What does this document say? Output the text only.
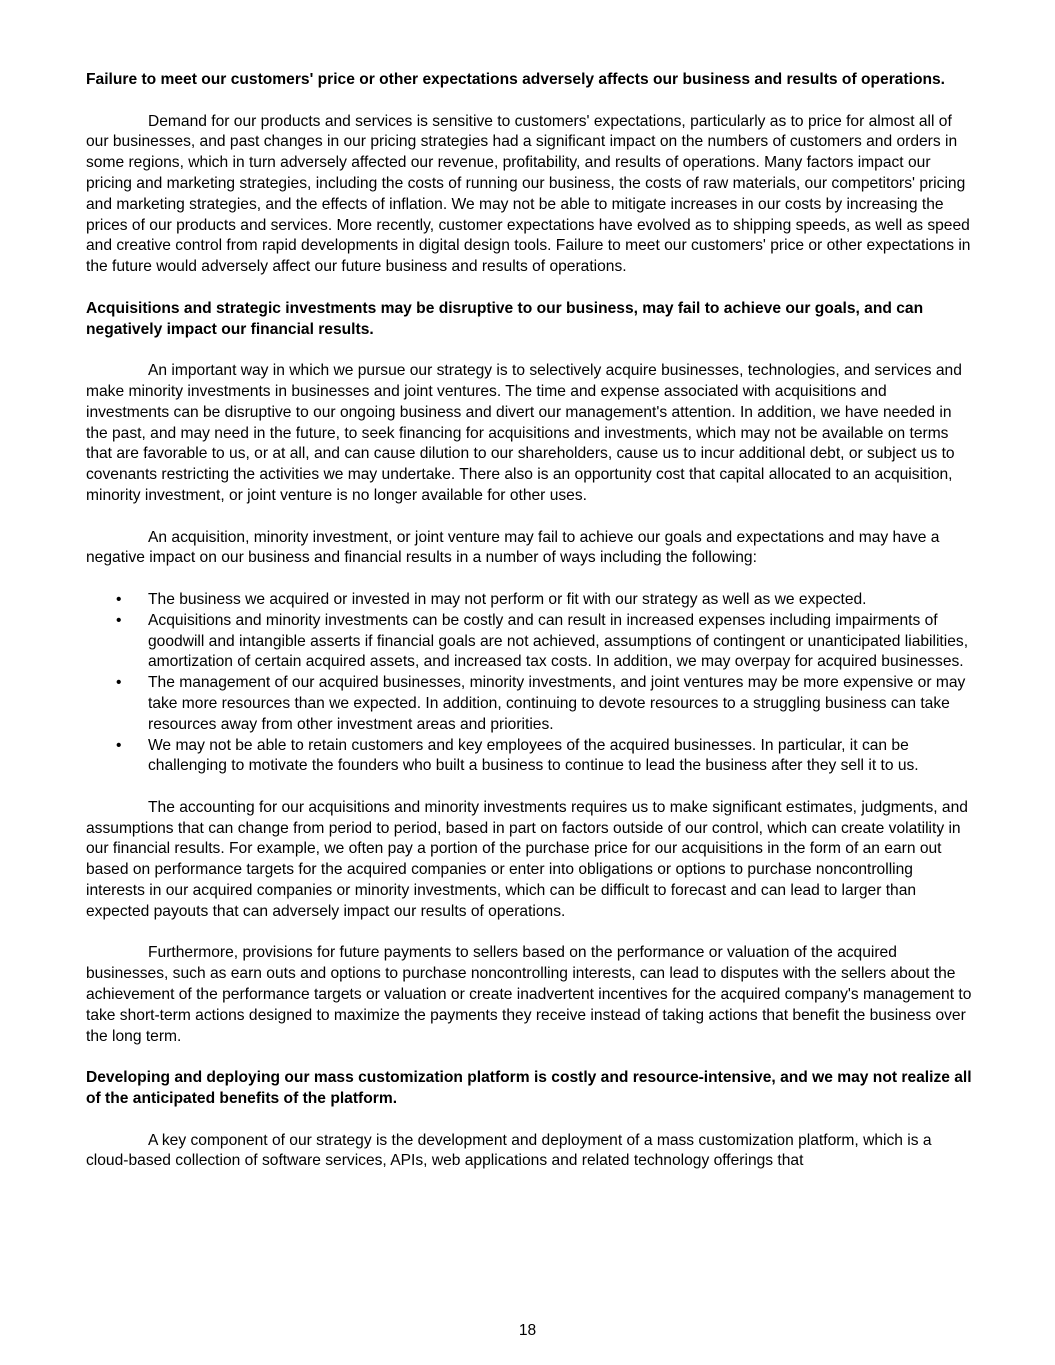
Failure to meet our customers' price or other expectations adversely affects our business and results of operations.

Demand for our products and services is sensitive to customers' expectations, particularly as to price for almost all of our businesses, and past changes in our pricing strategies had a significant impact on the numbers of customers and orders in some regions, which in turn adversely affected our revenue, profitability, and results of operations. Many factors impact our pricing and marketing strategies, including the costs of running our business, the costs of raw materials, our competitors' pricing and marketing strategies, and the effects of inflation. We may not be able to mitigate increases in our costs by increasing the prices of our products and services. More recently, customer expectations have evolved as to shipping speeds, as well as speed and creative control from rapid developments in digital design tools. Failure to meet our customers' price or other expectations in the future would adversely affect our future business and results of operations.

Acquisitions and strategic investments may be disruptive to our business, may fail to achieve our goals, and can negatively impact our financial results.

An important way in which we pursue our strategy is to selectively acquire businesses, technologies, and services and make minority investments in businesses and joint ventures. The time and expense associated with acquisitions and investments can be disruptive to our ongoing business and divert our management's attention. In addition, we have needed in the past, and may need in the future, to seek financing for acquisitions and investments, which may not be available on terms that are favorable to us, or at all, and can cause dilution to our shareholders, cause us to incur additional debt, or subject us to covenants restricting the activities we may undertake. There also is an opportunity cost that capital allocated to an acquisition, minority investment, or joint venture is no longer available for other uses.

An acquisition, minority investment, or joint venture may fail to achieve our goals and expectations and may have a negative impact on our business and financial results in a number of ways including the following:

• The business we acquired or invested in may not perform or fit with our strategy as well as we expected.
• Acquisitions and minority investments can be costly and can result in increased expenses including impairments of goodwill and intangible asserts if financial goals are not achieved, assumptions of contingent or unanticipated liabilities, amortization of certain acquired assets, and increased tax costs. In addition, we may overpay for acquired businesses.
• The management of our acquired businesses, minority investments, and joint ventures may be more expensive or may take more resources than we expected. In addition, continuing to devote resources to a struggling business can take resources away from other investment areas and priorities.
• We may not be able to retain customers and key employees of the acquired businesses. In particular, it can be challenging to motivate the founders who built a business to continue to lead the business after they sell it to us.

The accounting for our acquisitions and minority investments requires us to make significant estimates, judgments, and assumptions that can change from period to period, based in part on factors outside of our control, which can create volatility in our financial results. For example, we often pay a portion of the purchase price for our acquisitions in the form of an earn out based on performance targets for the acquired companies or enter into obligations or options to purchase noncontrolling interests in our acquired companies or minority investments, which can be difficult to forecast and can lead to larger than expected payouts that can adversely impact our results of operations.

Furthermore, provisions for future payments to sellers based on the performance or valuation of the acquired businesses, such as earn outs and options to purchase noncontrolling interests, can lead to disputes with the sellers about the achievement of the performance targets or valuation or create inadvertent incentives for the acquired company's management to take short-term actions designed to maximize the payments they receive instead of taking actions that benefit the business over the long term.

Developing and deploying our mass customization platform is costly and resource-intensive, and we may not realize all of the anticipated benefits of the platform.

A key component of our strategy is the development and deployment of a mass customization platform, which is a cloud-based collection of software services, APIs, web applications and related technology offerings that

18
